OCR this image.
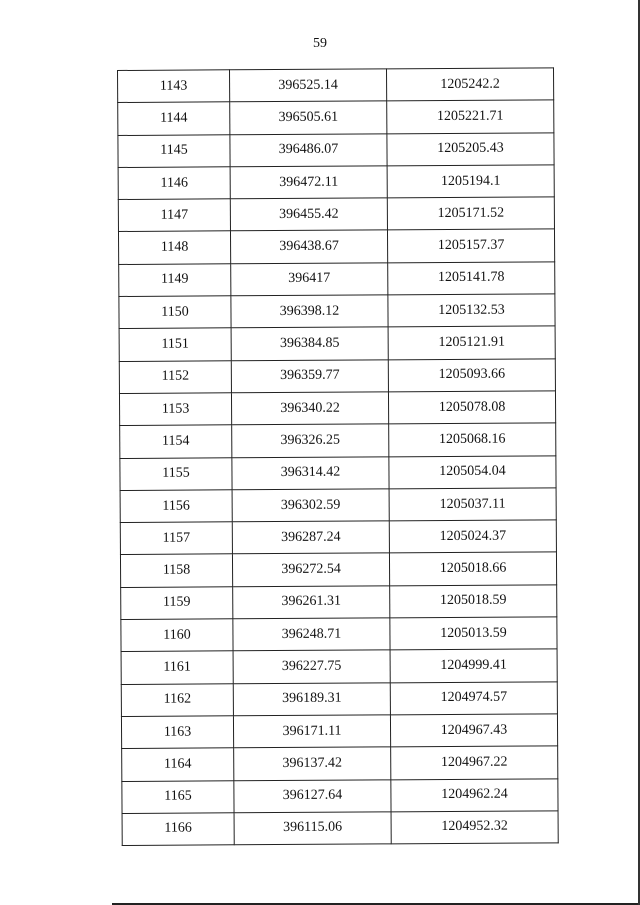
59
1143	396525.14	1205242.2
1144	396505.61	1205221.71
1145	396486.07	1205205.43
1146	396472.11	1205194.1
1147	396455.42	1205171.52
1148	396438.67	1205157.37
1149	396417	1205141.78
1150	396398.12	1205132.53
1151	396384.85	1205121.91
1152	396359.77	1205093.66
1153	396340.22	1205078.08
1154	396326.25	1205068.16
1155	396314.42	1205054.04
1156	396302.59	1205037.11
1157	396287.24	1205024.37
1158	396272.54	1205018.66
1159	396261.31	1205018.59
1160	396248.71	1205013.59
1161	396227.75	1204999.41
1162	396189.31	1204974.57
1163	396171.11	1204967.43
1164	396137.42	1204967.22
1165	396127.64	1204962.24
1166	396115.06	1204952.32
